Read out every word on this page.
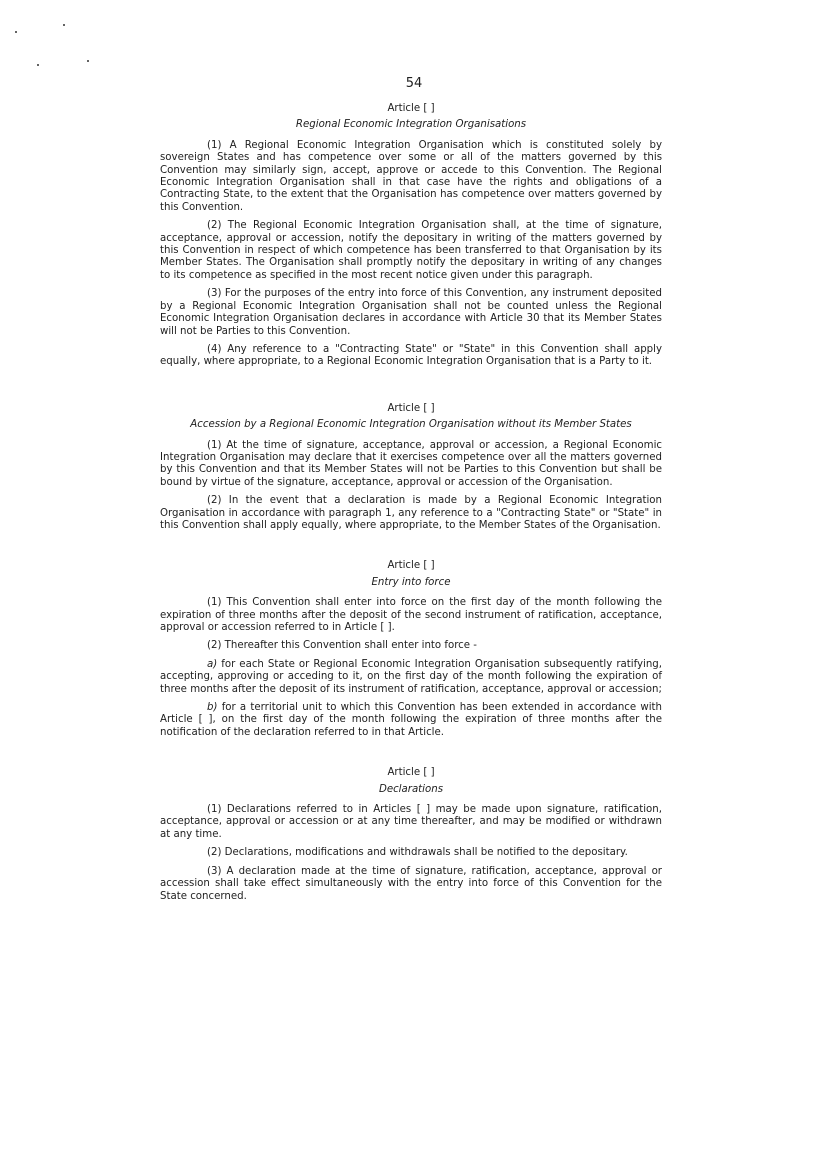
54
Article [ ]
Regional Economic Integration Organisations

(1) A Regional Economic Integration Organisation which is constituted solely by sovereign States and has competence over some or all of the matters governed by this Convention may similarly sign, accept, approve or accede to this Convention. The Regional Economic Integration Organisation shall in that case have the rights and obligations of a Contracting State, to the extent that the Organisation has competence over matters governed by this Convention.

(2) The Regional Economic Integration Organisation shall, at the time of signature, acceptance, approval or accession, notify the depositary in writing of the matters governed by this Convention in respect of which competence has been transferred to that Organisation by its Member States. The Organisation shall promptly notify the depositary in writing of any changes to its competence as specified in the most recent notice given under this paragraph.

(3) For the purposes of the entry into force of this Convention, any instrument deposited by a Regional Economic Integration Organisation shall not be counted unless the Regional Economic Integration Organisation declares in accordance with Article 30 that its Member States will not be Parties to this Convention.

(4) Any reference to a "Contracting State" or "State" in this Convention shall apply equally, where appropriate, to a Regional Economic Integration Organisation that is a Party to it.

Article [ ]
Accession by a Regional Economic Integration Organisation without its Member States

(1) At the time of signature, acceptance, approval or accession, a Regional Economic Integration Organisation may declare that it exercises competence over all the matters governed by this Convention and that its Member States will not be Parties to this Convention but shall be bound by virtue of the signature, acceptance, approval or accession of the Organisation.

(2) In the event that a declaration is made by a Regional Economic Integration Organisation in accordance with paragraph 1, any reference to a "Contracting State" or "State" in this Convention shall apply equally, where appropriate, to the Member States of the Organisation.

Article [ ]
Entry into force

(1) This Convention shall enter into force on the first day of the month following the expiration of three months after the deposit of the second instrument of ratification, acceptance, approval or accession referred to in Article [ ].

(2) Thereafter this Convention shall enter into force -

a) for each State or Regional Economic Integration Organisation subsequently ratifying, accepting, approving or acceding to it, on the first day of the month following the expiration of three months after the deposit of its instrument of ratification, acceptance, approval or accession;

b) for a territorial unit to which this Convention has been extended in accordance with Article [ ], on the first day of the month following the expiration of three months after the notification of the declaration referred to in that Article.

Article [ ]
Declarations

(1) Declarations referred to in Articles [ ] may be made upon signature, ratification, acceptance, approval or accession or at any time thereafter, and may be modified or withdrawn at any time.

(2) Declarations, modifications and withdrawals shall be notified to the depositary.

(3) A declaration made at the time of signature, ratification, acceptance, approval or accession shall take effect simultaneously with the entry into force of this Convention for the State concerned.
